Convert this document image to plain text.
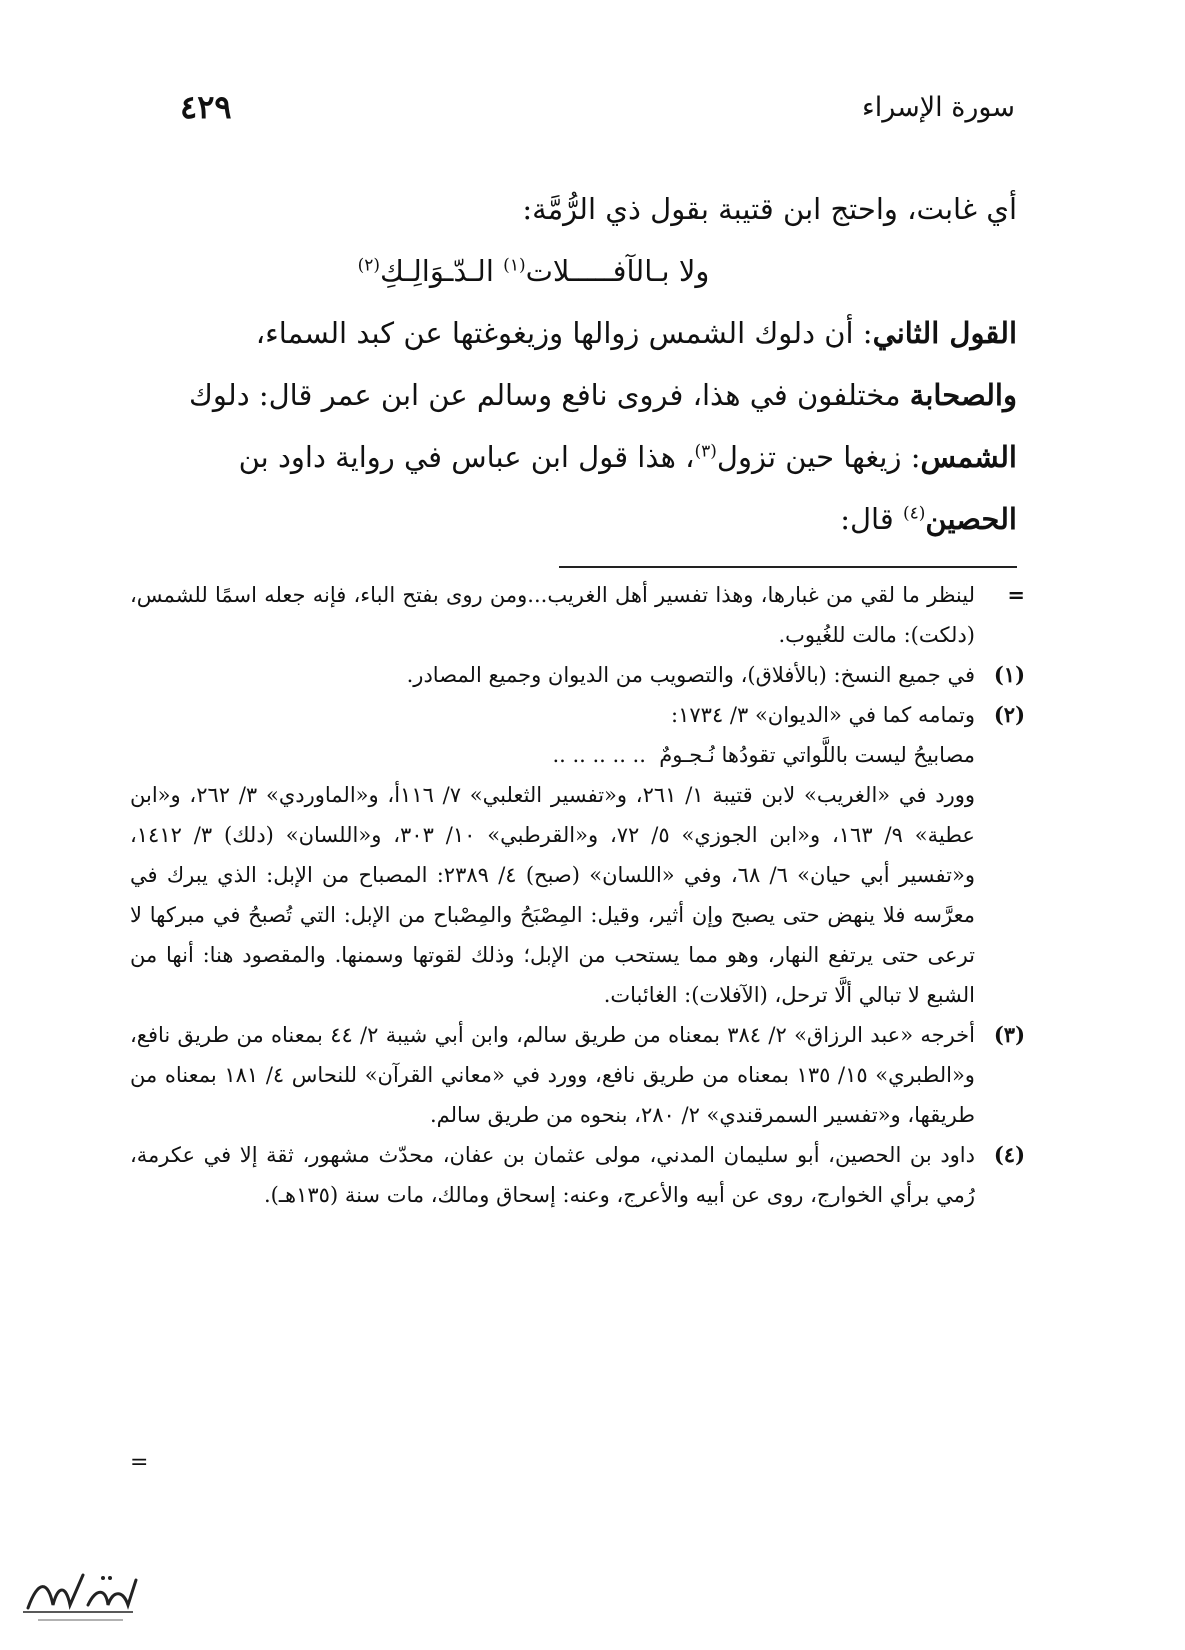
سورة الإسراء
٤٢٩

أي غابت، واحتج ابن قتيبة بقول ذي الرُّمَّة:

ولا بـالآفـــــلات$^{(١)}$ الـدّـوَالِـكِ$^{(٢)}$

القول الثاني: أن دلوك الشمس زوالها وزيغوغتها عن كبد السماء،

والصحابة مختلفون في هذا، فروى نافع وسالم عن ابن عمر قال: دلوك

الشمس: زيغها حين تزول$^{(٣)}$، هذا قول ابن عباس في رواية داود بن

الحصين$^{(٤)}$ قال:

=
لينظر ما لقي من غبارها، وهذا تفسير أهل الغريب...ومن روى بفتح الباء، فإنه جعله اسمًا للشمس، (دلكت): مالت للغُيوب.
(١)
في جميع النسخ: (بالأفلاق)، والتصويب من الديوان وجميع المصادر.
(٢)

وتمامه كما في «الديوان» ٣/ ١٧٣٤:

مصابيحُ ليست باللَّواتي تقودُها نُـجـومٌ  .. .. .. .. ..

وورد في «الغريب» لابن قتيبة ١/ ٢٦١، و«تفسير الثعلبي» ٧/ ١١٦أ، و«الماوردي» ٣/ ٢٦٢، و«ابن عطية» ٩/ ١٦٣، و«ابن الجوزي» ٥/ ٧٢، و«القرطبي» ١٠/ ٣٠٣، و«اللسان» (دلك) ٣/ ١٤١٢، و«تفسير أبي حيان» ٦/ ٦٨، وفي «اللسان» (صبح) ٤/ ٢٣٨٩: المصباح من الإبل: الذي يبرك في معرَّسه فلا ينهض حتى يصبح وإن أثير، وقيل: المِصْبَحُ والمِصْباح من الإبل: التي تُصبحُ في مبركها لا ترعى حتى يرتفع النهار، وهو مما يستحب من الإبل؛ وذلك لقوتها وسمنها. والمقصود هنا: أنها من الشبع لا تبالي ألَّا ترحل، (الآفلات): الغائبات.

(٣)
أخرجه «عبد الرزاق» ٢/ ٣٨٤ بمعناه من طريق سالم، وابن أبي شيبة ٢/ ٤٤ بمعناه من طريق نافع، و«الطبري» ١٥/ ١٣٥ بمعناه من طريق نافع، وورد في «معاني القرآن» للنحاس ٤/ ١٨١ بمعناه من طريقها، و«تفسير السمرقندي» ٢/ ٢٨٠، بنحوه من طريق سالم.
(٤)
داود بن الحصين، أبو سليمان المدني، مولى عثمان بن عفان، محدّث مشهور، ثقة إلا في عكرمة، رُمي برأي الخوارج، روى عن أبيه والأعرج، وعنه: إسحاق ومالك، مات سنة (١٣٥هـ).
=
